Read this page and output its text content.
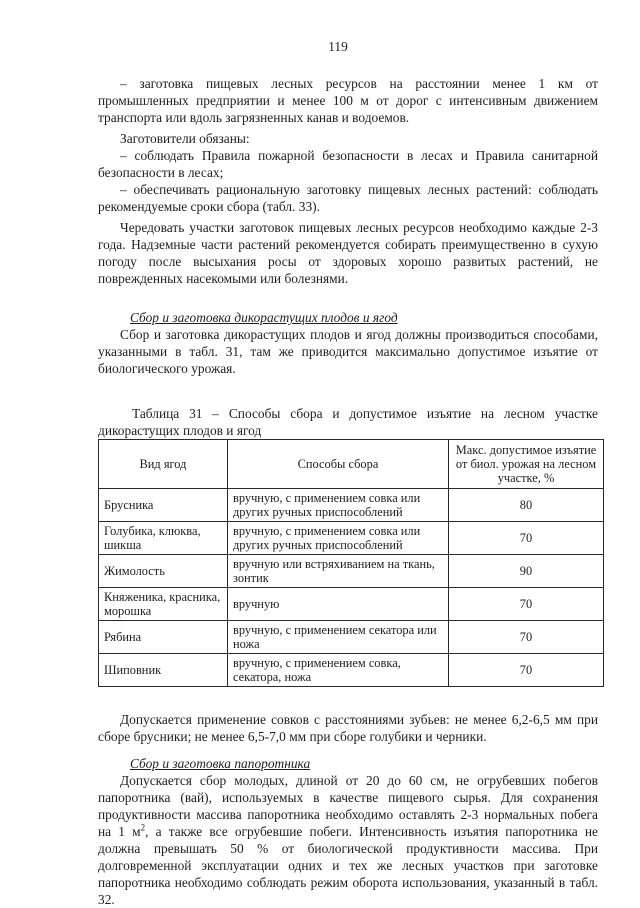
119

– заготовка пищевых лесных ресурсов на расстоянии менее 1 км от промышленных предприятии и менее 100 м от дорог с интенсивным движением транспорта или вдоль загрязненных канав и водоемов.

Заготовители обязаны:

– соблюдать Правила пожарной безопасности в лесах и Правила санитарной безопасности в лесах;

– обеспечивать рациональную заготовку пищевых лесных растений: соблюдать рекомендуемые сроки сбора (табл. 33).

Чередовать участки заготовок пищевых лесных ресурсов необходимо каждые 2-3 года. Надземные части растений рекомендуется собирать преимущественно в сухую погоду после высыхания росы от здоровых хорошо развитых растений, не поврежденных насекомыми или болезнями.

Сбор и заготовка дикорастущих плодов и ягод

Сбор и заготовка дикорастущих плодов и ягод должны производиться способами, указанными в табл. 31, там же приводится максимально допустимое изъятие от биологического урожая.

Таблица 31 – Способы сбора и допустимое изъятие на лесном участке дикорастущих плодов и ягод

Вид ягод	Способы сбора	Макс. допустимое изъятие от биол. урожая на лесном участке, %
Брусника	вручную, с применением совка или других ручных приспособлений	80
Голубика, клюква, шикша	вручную, с применением совка или других ручных приспособлений	70
Жимолость	вручную или встряхиванием на ткань, зонтик	90
Княженика, красника, морошка	вручную	70
Рябина	вручную, с применением секатора или ножа	70
Шиповник	вручную, с применением совка, секатора, ножа	70

Допускается применение совков с расстояниями зубьев: не менее 6,2-6,5 мм при сборе брусники; не менее 6,5-7,0 мм при сборе голубики и черники.

Сбор и заготовка папоротника

Допускается сбор молодых, длиной от 20 до 60 см, не огрубевших побегов папоротника (вай), используемых в качестве пищевого сырья. Для сохранения продуктивности массива папоротника необходимо оставлять 2-3 нормальных побега на 1 $м^2$, а также все огрубевшие побеги. Интенсивность изъятия папоротника не должна превышать 50 % от биологической продуктивности массива. При долговременной эксплуатации одних и тех же лесных участков при заготовке папоротника необходимо соблюдать режим оборота использования, указанный в табл. 32.
